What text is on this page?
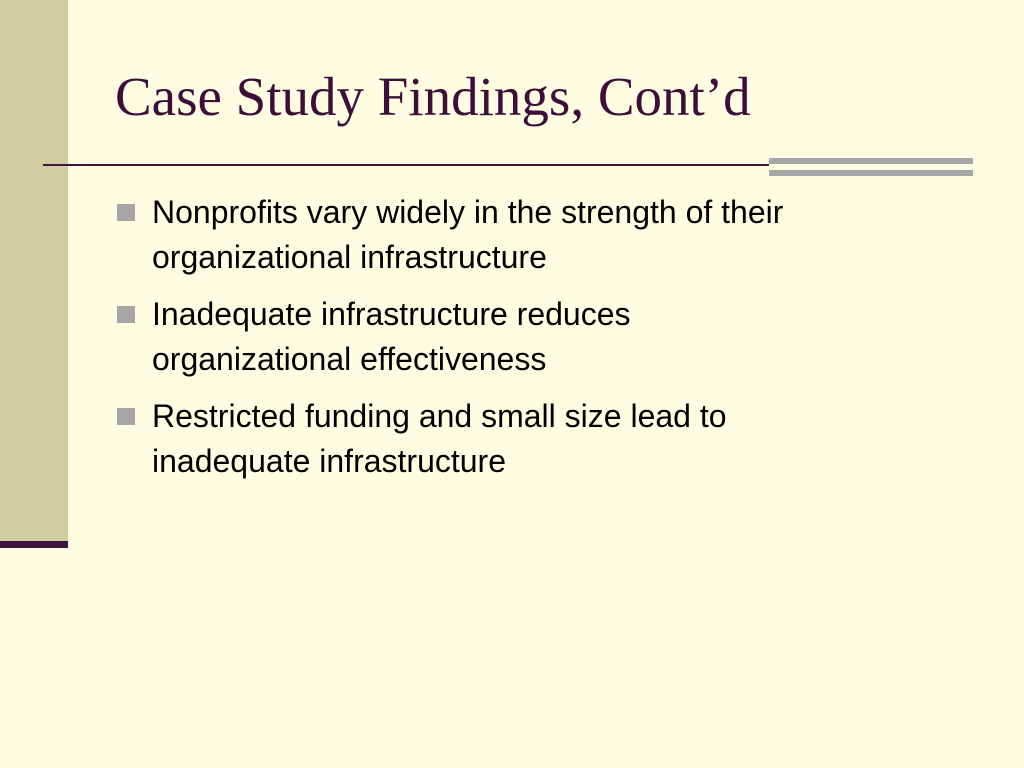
Case Study Findings, Cont’d
Nonprofits vary widely in the strength of their
organizational infrastructure
Inadequate infrastructure reduces
organizational effectiveness
Restricted funding and small size lead to
inadequate infrastructure
